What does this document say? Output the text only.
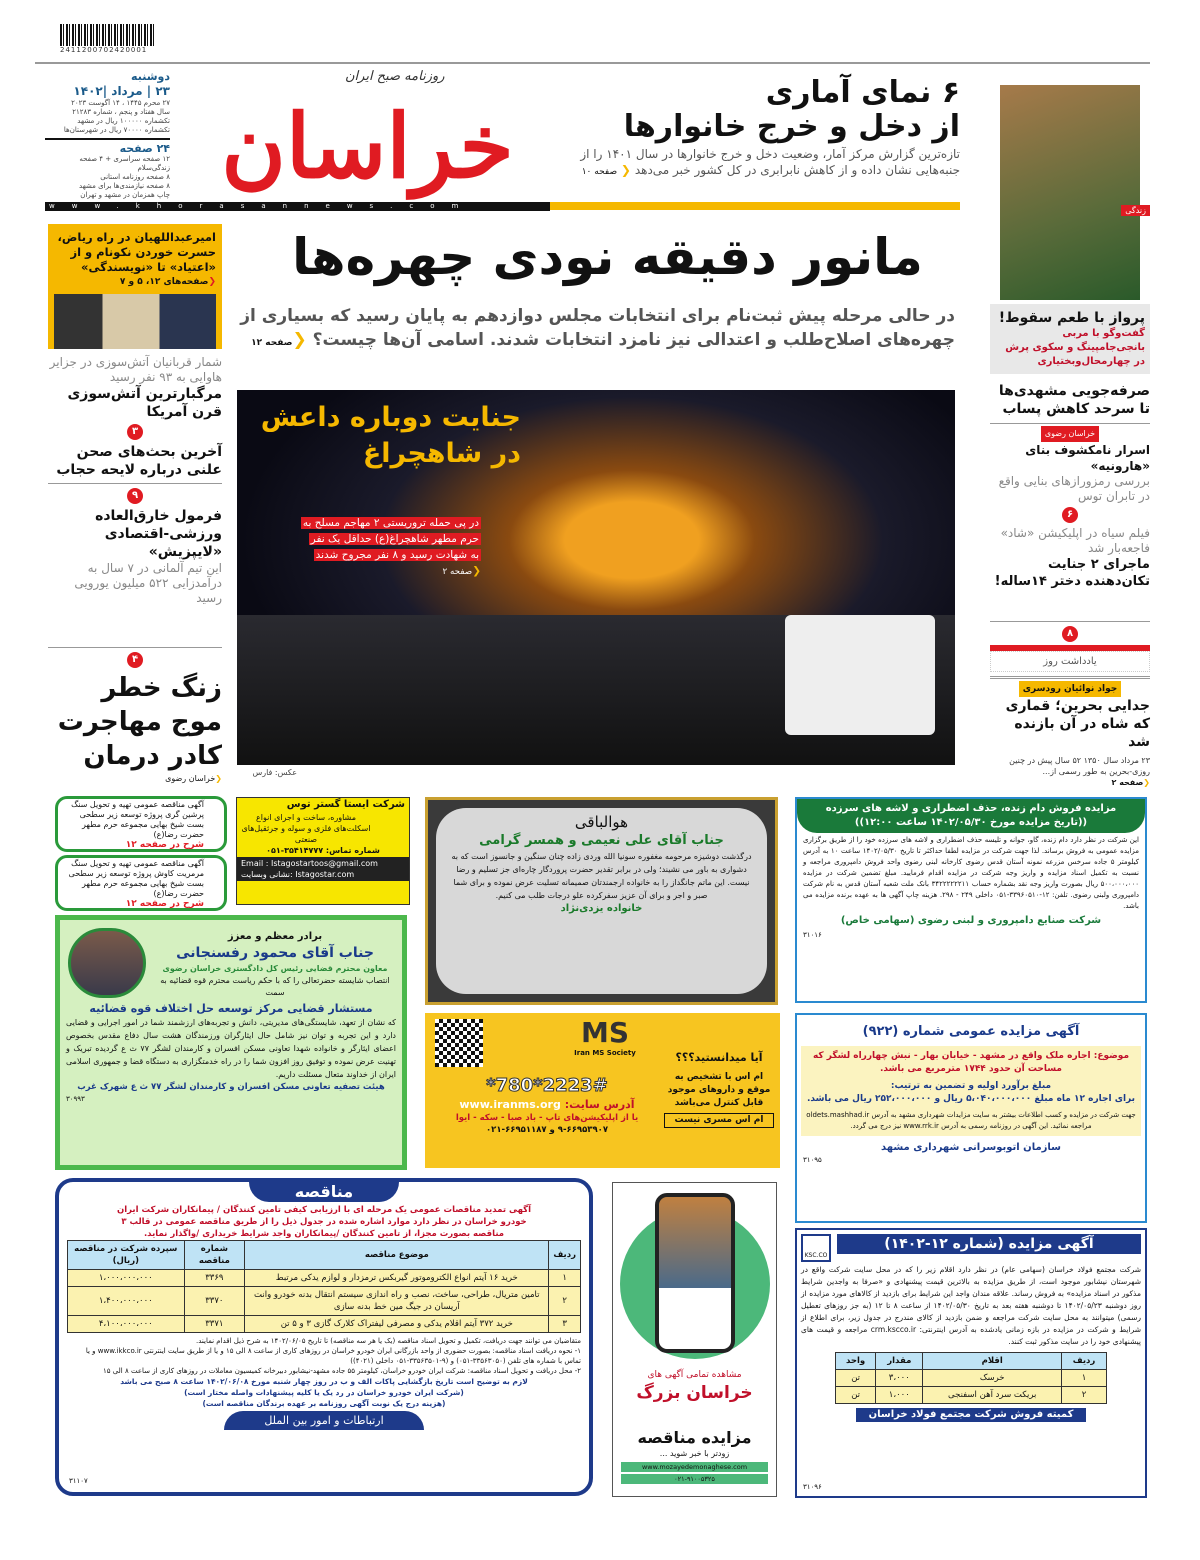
2411200702420001
دوشنبه
۲۳ | مرداد |۱۴۰۲
۲۷ محرم ۱۴۴۵ ، ۱۴ آگوست ۲۰۲۳
سال هفتاد و پنجم ، شماره ۲۱۲۸۳
تکشماره ۱۰۰۰۰۰ ریال در مشهد
تکشماره ۷۰۰۰۰ ریال در شهرستان‌ها
۲۴ صفحه
۱۲ صفحه سراسری + ۴ صفحه زندگی‌سلام
۸ صفحه روزنامه استانی
۸ صفحه نیازمندی‌ها برای مشهد
چاپ همزمان در مشهد و تهران
روزنامه صبح ایران
خراسان
۶ نمای آماری
از دخل و خرج خانوارها

تازه‌ترین گزارش مرکز آمار، وضعیت دخل و خرج خانوارها در سال ۱۴۰۱ را از جنبه‌هایی نشان داده و از کاهش نابرابری در کل کشور خبر می‌دهد ❮ صفحه ۱۰

www.khorasannews.com
مانور دقیقه نودی چهره‌ها
در حالی مرحله پیش ثبت‌نام برای انتخابات مجلس دوازدهم به پایان رسید که بسیاری از چهره‌های اصلاح‌طلب و اعتدالی نیز نامزد انتخابات شدند. اسامی آن‌ها چیست؟ ❮صفحه ۱۲
جنایت دوباره داعش در شاهچراغ
در پی حمله تروریستی ۲ مهاجم مسلح به
حرم مطهر شاهچراغ(ع) حداقل یک نفر
به شهادت رسید و ۸ نفر مجروح شدند
❮صفحه ۲
عکس: فارس

امیرعبداللهیان در راه ریاض، حسرت خوردن نکونام و از «اعتیاد» تا «نویسندگی»

❮صفحه‌های ۱۲، ۵ و ۷

شمار قربانیان آتش‌سوزی در جزایر هاوایی به ۹۳ نفر رسید
مرگبارترین آتش‌سوزی قرن آمریکا
۳
آخرین بحث‌های صحن علنی درباره لایحه حجاب
۹
فرمول خارق‌العاده ورزشی-اقتصادی «لایپزیش»
این تیم آلمانی در ۷ سال به درآمدزایی ۵۲۲ میلیون یورویی رسید
۴
زنگ خطر موج مهاجرت کادر درمان
❮خراسان رضوی
زندگی
پرواز با طعم سقوط!
گفت‌وگو با مربی بانجی‌جامپینگ و سکوی پرش در چهارمحال‌وبختیاری
صرفه‌جویی مشهدی‌ها تا سرحد کاهش پساب
خراسان رضوی
اسرار نامکشوف بنای «هارونیه»
بررسی رمزورازهای بنایی واقع در تابران توس
۶
فیلم سیاه در اپلیکیشن «شاد» فاجعه‌بار شد
ماجرای ۲ جنایت تکان‌دهنده دختر ۱۴ساله!
۸
یادداشت روز
جواد نوائیان رودسری
جدایی بحرین؛ قماری که شاه در آن بازنده شد
۲۳ مرداد سال ۱۳۵۰ ۵۲ سال پیش در چنین روزی-بحرین به طور رسمی از...
❮صفحه ۲

آگهی مناقصه عمومی تهیه و تحویل سنگ پرشین گری پروژه توسعه زیر سطحی بست شیخ بهایی مجموعه حرم مطهر حضرت رضا(ع)

شرح در صفحه ۱۲

آگهی مناقصه عمومی تهیه و تحویل سنگ مرمریت کاوش پروژه توسعه زیر سطحی بست شیخ بهایی مجموعه حرم مطهر حضرت رضا(ع)

شرح در صفحه ۱۲

شرکت ایستا گستر توس

مشاوره، ساخت و اجرای انواع اسکلت‌های فلزی و سوله و جرثقیل‌های صنعتی

شماره تماس: ۳۵۴۱۴۷۷۷-۰۵۱

Email : Istagostartoos@gmail.com
نشانی وبسایت: Istagostar.com

هوالباقی

جناب آقای علی نعیمی و همسر گرامی

درگذشت دوشیزه مرحومه مغفوره سونیا الله وردی زاده چنان سنگین و جانسوز است که به دشواری به باور می نشیند؛ ولی در برابر تقدیر حضرت پروردگار چاره‌ای جز تسلیم و رضا نیست. این ماتم جانگداز را به خانواده ارجمندتان صمیمانه تسلیت عرض نموده و برای شما صبر و اجر و برای آن عزیز سفرکرده علو درجات طلب می کنیم.

خانواده یزدی‌نژاد

مزایده فروش دام زنده، حذف اضطراری و لاشه های سرزده
((تاریخ مزایده مورخ ۱۴۰۲/۰۵/۳۰ ساعت ۱۲:۰۰))

این شرکت در نظر دارد دام زنده، گاو، جوانه و تلیسه حذف اضطراری و لاشه های سرزده خود را از طریق برگزاری مزایده عمومی به فروش برساند. لذا جهت شرکت در مزایده لطفا حداکثر تا تاریخ ۱۴۰۲/۰۵/۳۰ ساعت ۱۰ به آدرس کیلومتر ۵ جاده سرخس مزرعه نمونه آستان قدس رضوی کارخانه لبنی رضوی واحد فروش دامپروری مراجعه و نسبت به تکمیل اسناد مزایده و واریز وجه شرکت در مزایده اقدام فرمایید. مبلغ تضمین شرکت در مزایده ۵۰۰،۰۰۰،۰۰۰ ریال بصورت واریز وجه نقد بشماره حساب ۳۴۲۲۲۲۲۲۱۱ بانک ملت شعبه آستان قدس به نام شرکت دامپروری ولبنی رضوی. تلفن: ۱۲-۳۳۹۶۰۵۱۰-۰۵۱ داخلی ۲۴۹ - ۲۹۸. هزینه چاپ آگهی ها به عهده برنده مزایده می باشد.

شرکت صنایع دامپروری و لبنی رضوی (سهامی خاص)

۳۱۰۱۶

برادر معظم و معزز

جناب آقای محمود رفسنجانی

معاون محترم قضایی رئیس کل دادگستری خراسان رضوی

انتصاب شایسته حضرتعالی را که با حکم ریاست محترم قوه قضائیه به سمت

مستشار قضایی مرکز توسعه حل اختلاف قوه قضائیه

که نشان از تعهد، شایستگی‌های مدیریتی، دانش و تجربه‌های ارزشمند شما در امور اجرایی و قضایی دارد و این تجربه و توان نیز شامل حال ایثارگران ورزمندگان هشت سال دفاع مقدس بخصوص اعضای ایثارگر و خانواده شهدا تعاونی مسکن افسران و کارمندان لشگر ۷۷ ث ع گردیده تبریک و تهنیت عرض نموده و توفیق روز افزون شما را در راه خدمتگزاری به دستگاه قضا و جمهوری اسلامی ایران از خداوند متعال مسئلت داریم.

هیئت تصفیه تعاونی مسکن افسران و کارمندان لشگر ۷۷ ث ع شهرک غرب

۳۰۹۹۳

MS
Iran MS Society	آیا میدانستید؟؟؟
ام اس با تشخیص به موقع و داروهای موجود قابل کنترل می‌باشد
ام اس مسری نیست
*780*2223#
آدرس سایت: www.iranms.org
یا از اپلیکیشن‌های تاپ - باد صبا - سکه - ایوا
۹-۶۶۹۵۳۹۰۷ و ۶۶۹۵۱۱۸۷-۰۲۱

آگهی مزایده عمومی شماره (۹۲۲)

موضوع: اجاره ملک واقع در مشهد - خیابان بهار - نبش چهارراه لشگر که مساحت آن حدود ۱۷۴۴ مترمربع می باشد.

مبلغ برآورد اولیه و تضمین به ترتیب:

برای اجاره ۱۲ ماه مبلغ ۵،۰۴۰،۰۰۰،۰۰۰ ریال و ۲۵۲،۰۰۰،۰۰۰ ریال می باشد.

جهت شرکت در مزایده و کسب اطلاعات بیشتر به سایت مزایدات شهرداری مشهد به آدرس oldets.mashhad.ir مراجعه نمائید. این آگهی در روزنامه رسمی به آدرس www.rrk.ir نیز درج می گردد.

سازمان اتوبوسرانی شهرداری مشهد

۳۱۰۹۵

مناقصه

آگهی تمدید مناقصات عمومی یک مرحله ای با ارزیابی کیفی تامین کنندگان / پیمانکاران شرکت ایران خودرو خراسان در نظر دارد موارد اشاره شده در جدول ذیل را از طریق مناقصه عمومی در قالب ۳ مناقصه بصورت مجزا، از تامین کنندگان /پیمانکاران واجد شرایط خریداری /واگذار نماید.

ردیف	موضوع مناقصه	شماره مناقصه	سپرده شرکت در مناقصه (ریال)
۱	خرید ۱۶ آیتم انواع الکتروموتور گیربکس ترمزدار و لوازم یدکی مرتبط	۳۳۶۹	۱،۰۰۰،۰۰۰،۰۰۰
۲	تامین متریال، طراحی، ساخت، نصب و راه اندازی سیستم انتقال بدنه خودرو وانت آریسان در جیگ مین خط بدنه سازی	۳۳۷۰	۱،۴۰۰،۰۰۰،۰۰۰
۳	خرید ۳۷۲ آیتم اقلام یدکی و مصرفی لیفتراک کلارک گازی ۳ و ۵ تن	۳۳۷۱	۴،۱۰۰،۰۰۰،۰۰۰

متقاضیان می توانند جهت دریافت، تکمیل و تحویل اسناد مناقصه (یک یا هر سه مناقصه) تا تاریخ ۱۴۰۲/۰۶/۰۵ به شرح ذیل اقدام نمایند.

۱- نحوه دریافت اسناد مناقصه: بصورت حضوری از واحد بازرگانی ایران خودرو خراسان در روزهای کاری از ساعت ۸ الی ۱۵ و یا از طریق سایت اینترنتی www.ikkco.ir و یا تماس با شماره های تلفن (۳۳۵۶۳۰۵۰-۰۵۱) و (۹-۳۳۵۶۳۵۰۱-۰۵۱ داخلی (۴۰۲۱))

۲- محل دریافت و تحویل اسناد مناقصه: شرکت ایران خودرو خراسان، کیلومتر ۵۵ جاده مشهد-نیشابور دبیرخانه کمیسیون معاملات در روزهای کاری از ساعت ۸ الی ۱۵

لازم به توضیح است تاریخ بازگشایی پاکات الف و ب در روز چهار شنبه مورخ ۱۴۰۲/۰۶/۰۸ ساعت ۸ صبح می باشد

(شرکت ایران خودرو خراسان در رد یک یا کلیه پیشنهادات واصله مختار است)

(هزینه درج یک نوبت آگهی روزنامه بر عهده برندگان مناقصه است)

ارتباطات و امور بین الملل

۳۱۱۰۷

مشاهده تمامی آگهی های

خراسان بزرگ

مزایده مناقصه

زودتر با خبر شوید ...

www.mozayedemonaghese.com
۰۲۱-۹۱۰۰۵۳۲۵
آگهی مزایده (شماره ۱۲-۱۴۰۲)
KSC.CO

شرکت مجتمع فولاد خراسان (سهامی عام) در نظر دارد اقلام زیر را که در محل سایت شرکت واقع در شهرستان نیشابور موجود است، از طریق مزایده به بالاترین قیمت پیشنهادی و «صرفا به واجدین شرایط مذکور در اسناد مزایده» به فروش رساند. علاقه مندان واجد این شرایط برای بازدید از کالاهای مورد مزایده از روز دوشنبه ۱۴۰۲/۰۵/۲۳ تا دوشنبه هفته بعد به تاریخ ۱۴۰۲/۰۵/۳۰ از ساعت ۸ تا ۱۲ (به جز روزهای تعطیل رسمی) میتوانند به محل سایت شرکت مراجعه و ضمن بازدید از کالای مندرج در جدول زیر، برای اطلاع از شرایط و شرکت در مزایده در بازه زمانی یادشده به آدرس اینترنتی: crm.kscco.ir مراجعه و قیمت های پیشنهادی خود را در سایت مذکور ثبت کنند.

ردیف	اقلام	مقدار	واحد
۱	خرسک	۳،۰۰۰	تن
۲	بریکت سرد آهن اسفنجی	۱،۰۰۰	تن
کمیته فروش شرکت مجتمع فولاد خراسان

۳۱۰۹۶
